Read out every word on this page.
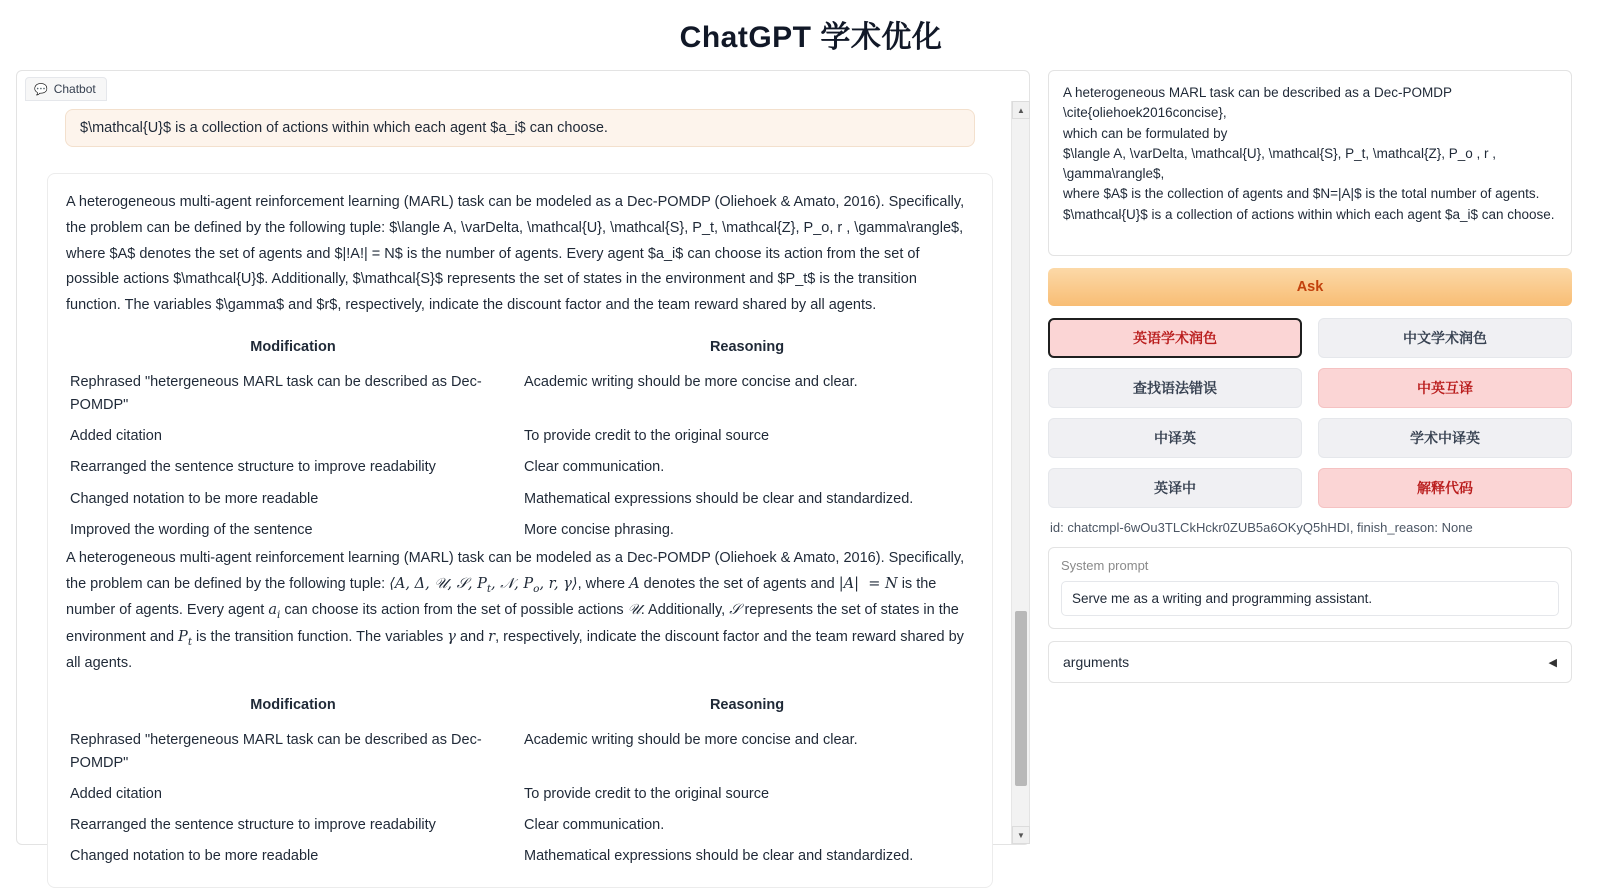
ChatGPT 学术优化
💬 Chatbot
$\mathcal{U}$ is a collection of actions within which each agent $a_i$ can choose.

A heterogeneous multi-agent reinforcement learning (MARL) task can be modeled as a Dec-POMDP (Oliehoek & Amato, 2016). Specifically, the problem can be defined by the following tuple: $\langle A, \varDelta, \mathcal{U}, \mathcal{S}, P_t, \mathcal{Z}, P_o, r , \gamma\rangle$, where $A$ denotes the set of agents and $|!A!| = N$ is the number of agents. Every agent $a_i$ can choose its action from the set of possible actions $\mathcal{U}$. Additionally, $\mathcal{S}$ represents the set of states in the environment and $P_t$ is the transition function. The variables $\gamma$ and $r$, respectively, indicate the discount factor and the team reward shared by all agents.

Modification	Reasoning
Rephrased "hetergeneous MARL task can be described as Dec-POMDP"	Academic writing should be more concise and clear.
Added citation	To provide credit to the original source
Rearranged the sentence structure to improve readability	Clear communication.
Changed notation to be more readable	Mathematical expressions should be clear and standardized.
Improved the wording of the sentence	More concise phrasing.

A heterogeneous multi-agent reinforcement learning (MARL) task can be modeled as a Dec-POMDP (Oliehoek & Amato, 2016). Specifically, the problem can be defined by the following tuple: ⟨A, Δ, 𝒰, 𝒮, $P_t$, 𝒩, $P_o$, r, γ⟩, where A denotes the set of agents and |A|  = N is the number of agents. Every agent $a_i$ can choose its action from the set of possible actions 𝒰. Additionally, 𝒮 represents the set of states in the environment and $P_t$ is the transition function. The variables γ and r, respectively, indicate the discount factor and the team reward shared by all agents.

Modification	Reasoning
Rephrased "hetergeneous MARL task can be described as Dec-POMDP"	Academic writing should be more concise and clear.
Added citation	To provide credit to the original source
Rearranged the sentence structure to improve readability	Clear communication.
Changed notation to be more readable	Mathematical expressions should be clear and standardized.
▲
▼
A heterogeneous MARL task can be described as a Dec-POMDP \cite{oliehoek2016concise}, which can be formulated by $\langle A, \varDelta, \mathcal{U}, \mathcal{S}, P_t, \mathcal{Z}, P_o , r , \gamma\rangle$, where $A$ is the collection of agents and $N=|A|$ is the total number of agents. $\mathcal{U}$ is a collection of actions within which each agent $a_i$ can choose.
Ask
英语学术润色	中文学术润色
查找语法错误	中英互译
中译英	学术中译英
英译中	解释代码
id: chatcmpl-6wOu3TLCkHckr0ZUB5a6OKyQ5hHDI, finish_reason: None
System prompt
Serve me as a writing and programming assistant.
arguments	◀
